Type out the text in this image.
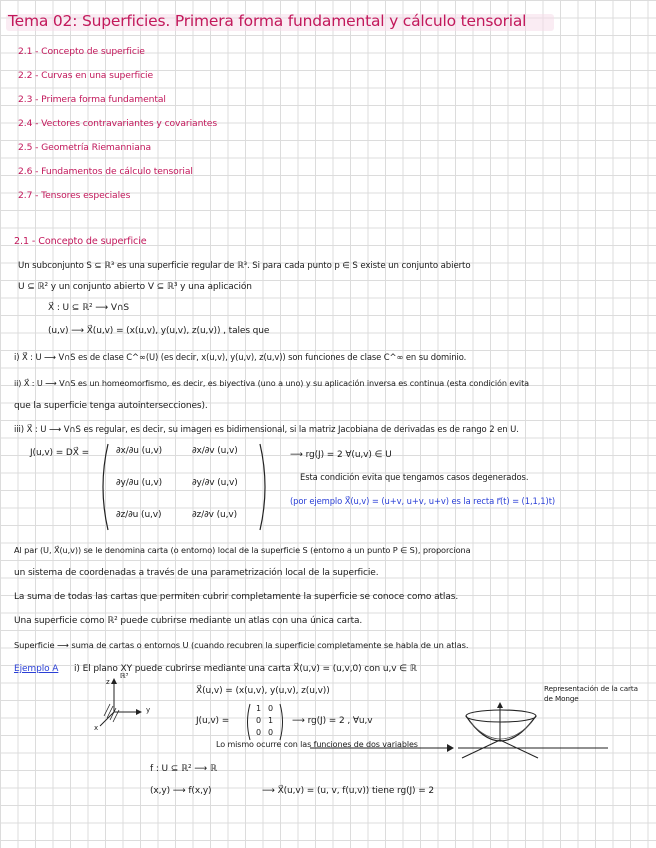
Tema 02: Superficies. Primera forma fundamental y cálculo tensorial
2.1 - Concepto de superficie
2.2 - Curvas en una superficie
2.3 - Primera forma fundamental
2.4 - Vectores contravariantes y covariantes
2.5 - Geometría Riemanniana
2.6 - Fundamentos de cálculo tensorial
2.7 - Tensores especiales
2.1 - Concepto de superficie
Un subconjunto S ⊆ ℝ³ es una superficie regular de ℝ³. Si para cada punto p ∈ S existe un conjunto abierto
U ⊆ ℝ² y un conjunto abierto V ⊆ ℝ³ y una aplicación
X⃗ : U ⊆ ℝ² ⟶ V∩S
(u,v) ⟶ X⃗(u,v) = (x(u,v), y(u,v), z(u,v)) , tales que
i) X⃗ : U ⟶ V∩S es de clase C^∞(U) (es decir, x(u,v), y(u,v), z(u,v)) son funciones de clase C^∞ en su dominio.
ii) X⃗ : U ⟶ V∩S es un homeomorfismo, es decir, es biyectiva (uno a uno) y su aplicación inversa es continua (esta condición evita
que la superficie tenga autointersecciones).
iii) X⃗ : U ⟶ V∩S es regular, es decir, su imagen es bidimensional, si la matriz Jacobiana de derivadas es de rango 2 en U.
J(u,v) = DX⃗ =	∂x/∂u (u,v)	∂x/∂v (u,v)
∂y/∂u (u,v)	∂y/∂v (u,v)
∂z/∂u (u,v)	∂z/∂v (u,v)
⟶ rg(J) = 2 ∀(u,v) ∈ U
Esta condición evita que tengamos casos degenerados.
(por ejemplo X⃗(u,v) = (u+v, u+v, u+v) es la recta r⃗(t) = (1,1,1)t)
Al par (U, X⃗(u,v)) se le denomina carta (o entorno) local de la superficie S (entorno a un punto P ∈ S), proporciona
un sistema de coordenadas a través de una parametrización local de la superficie.
La suma de todas las cartas que permiten cubrir completamente la superficie se conoce como atlas.
Una superficie como ℝ² puede cubrirse mediante un atlas con una única carta.
Superficie ⟶ suma de cartas o entornos U (cuando recubren la superficie completamente se habla de un atlas.
Ejemplo A i) El plano XY puede cubrirse mediante una carta X⃗(u,v) = (u,v,0) con u,v ∈ ℝ
z
ℝ³
y
x
X⃗(u,v) = (x(u,v), y(u,v), z(u,v))
J(u,v) =
1 0
0 1
0 0
⟶ rg(J) = 2 , ∀u,v
Lo mismo ocurre con las funciones de dos variables
Representación de la carta de Monge
f : U ⊆ ℝ² ⟶ ℝ
(x,y) ⟶ f(x,y)	⟶ X⃗(u,v) = (u, v, f(u,v)) tiene rg(J) = 2
